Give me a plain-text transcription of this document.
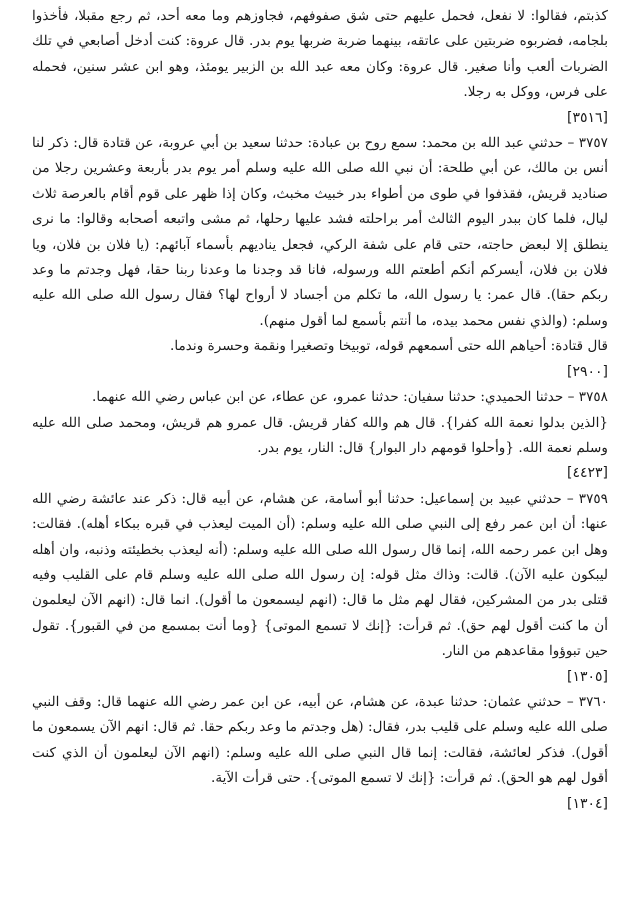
كذبتم، فقالوا: لا نفعل، فحمل عليهم حتى شق صفوفهم، فجاوزهم وما معه أحد، ثم رجع مقبلا، فأخذوا بلجامه، فضربوه ضربتين على عاتقه، بينهما ضربة ضربها يوم بدر. قال عروة: كنت أدخل أصابعي في تلك الضربات ألعب وأنا صغير. قال عروة: وكان معه عبد الله بن الزبير يومئذ، وهو ابن عشر سنين، فحمله على فرس، ووكل به رجلا.

[٣٥١٦]

٣٧٥٧ – حدثني عبد الله بن محمد: سمع روح بن عبادة: حدثنا سعيد بن أبي عروبة، عن قتادة قال: ذكر لنا أنس بن مالك، عن أبي طلحة: أن نبي الله صلى الله عليه وسلم أمر يوم بدر بأربعة وعشرين رجلا من صناديد قريش، فقذفوا في طوى من أطواء بدر خبيث مخبث، وكان إذا ظهر على قوم أقام بالعرصة ثلاث ليال، فلما كان ببدر اليوم الثالث أمر براحلته فشد عليها رحلها، ثم مشى واتبعه أصحابه وقالوا: ما نرى ينطلق إلا لبعض حاجته، حتى قام على شفة الركي، فجعل يناديهم بأسماء آبائهم: (يا فلان بن فلان، ويا فلان بن فلان، أيسركم أنكم أطعتم الله ورسوله، فانا قد وجدنا ما وعدنا ربنا حقا، فهل وجدتم ما وعد ربكم حقا). قال عمر: يا رسول الله، ما تكلم من أجساد لا أرواح لها؟ فقال رسول الله صلى الله عليه وسلم: (والذي نفس محمد بيده، ما أنتم بأسمع لما أقول منهم).

قال قتادة: أحياهم الله حتى أسمعهم قوله، توبيخا وتصغيرا ونقمة وحسرة وندما.

[٢٩٠٠]

٣٧٥٨ – حدثنا الحميدي: حدثنا سفيان: حدثنا عمرو، عن عطاء، عن ابن عباس رضي الله عنهما.

{الذين بدلوا نعمة الله كفرا}. قال هم والله كفار قريش. قال عمرو هم قريش، ومحمد صلى الله عليه وسلم نعمة الله. {وأحلوا قومهم دار البوار} قال: النار، يوم بدر.

[٤٤٢٣]

٣٧٥٩ – حدثني عبيد بن إسماعيل: حدثنا أبو أسامة، عن هشام، عن أبيه قال: ذكر عند عائشة رضي الله عنها: أن ابن عمر رفع إلى النبي صلى الله عليه وسلم: (أن الميت ليعذب في قبره ببكاء أهله). فقالت: وهل ابن عمر رحمه الله، إنما قال رسول الله صلى الله عليه وسلم: (أنه ليعذب بخطيئته وذنبه، وان أهله ليبكون عليه الآن). قالت: وذاك مثل قوله: إن رسول الله صلى الله عليه وسلم قام على القليب وفيه قتلى بدر من المشركين، فقال لهم مثل ما قال: (انهم ليسمعون ما أقول). انما قال: (انهم الآن ليعلمون أن ما كنت أقول لهم حق). ثم قرأت: {إنك لا تسمع الموتى} {وما أنت بمسمع من في القبور}. تقول حين تبوؤوا مقاعدهم من النار.

[١٣٠٥]

٣٧٦٠ – حدثني عثمان: حدثنا عبدة، عن هشام، عن أبيه، عن ابن عمر رضي الله عنهما قال: وقف النبي صلى الله عليه وسلم على قليب بدر، فقال: (هل وجدتم ما وعد ربكم حقا. ثم قال: انهم الآن يسمعون ما أقول). فذكر لعائشة، فقالت: إنما قال النبي صلى الله عليه وسلم: (انهم الآن ليعلمون أن الذي كنت أقول لهم هو الحق). ثم قرأت: {إنك لا تسمع الموتى}. حتى قرأت الآية.

[١٣٠٤]
